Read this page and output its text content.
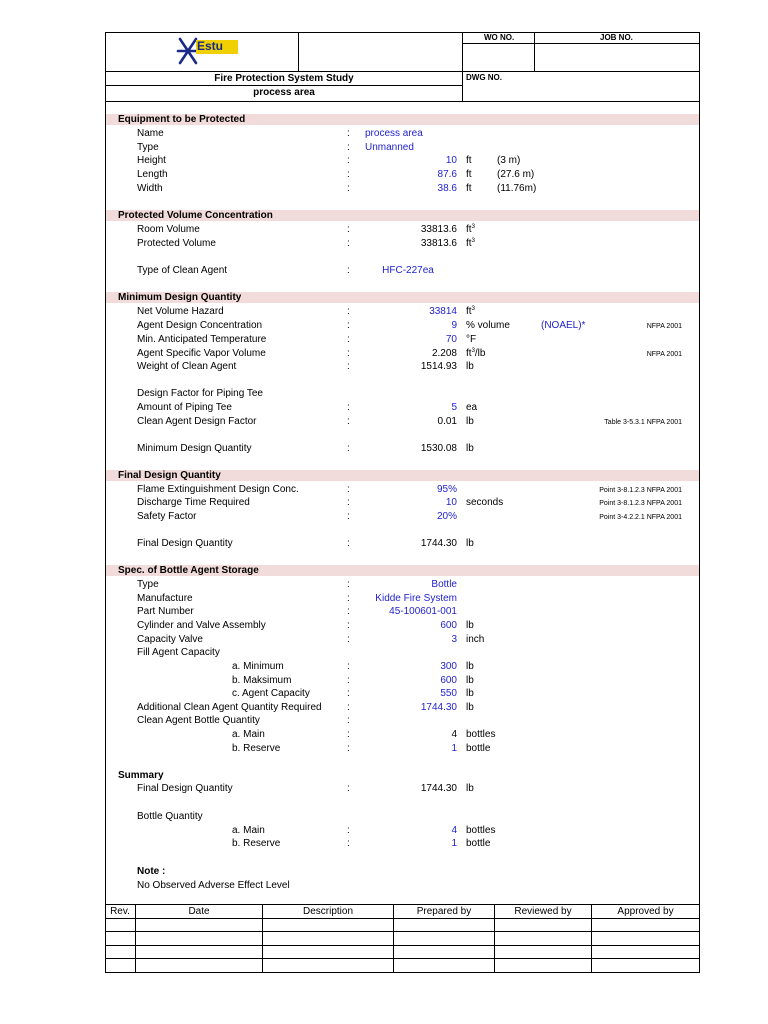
Estu
WO NO.	JOB NO.
DWG NO.
Fire Protection System Study
process area
Equipment to be Protected
Name	: process area
Type	: Unmanned
Height	:	10 ft	(3 m)
Length	:	87.6 ft	(27.6 m)
Width	:	38.6 ft	(11.76m)
Protected Volume Concentration
Room Volume	:	33813.6 $ft^3$
Protected Volume	:	33813.6 $ft^3$
Type of Clean Agent	:	HFC-227ea
Minimum Design Quantity
Net Volume Hazard	:	33814 $ft^3$
Agent Design Concentration	:	9 % volume	(NOAEL)*	NFPA 2001
Min. Anticipated Temperature	:	70 °F
Agent Specific Vapor Volume	:	2.208 $ft^3/lb$	NFPA 2001
Weight of Clean Agent	:	1514.93 lb
Design Factor for Piping Tee
Amount of Piping Tee	:	5 ea
Clean Agent Design Factor	:	0.01 lb	Table 3-5.3.1 NFPA 2001
Minimum Design Quantity	:	1530.08 lb
Final Design Quantity
Flame Extinguishment Design Conc.	:	95%	Point 3-8.1.2.3 NFPA 2001
Discharge Time Required	:	10 seconds	Point 3-8.1.2.3 NFPA 2001
Safety Factor	:	20%	Point 3-4.2.2.1 NFPA 2001
Final Design Quantity	:	1744.30 lb
Spec. of Bottle Agent Storage
Type	:	Bottle
Manufacture	:	Kidde Fire System
Part Number	:	45-100601-001
Cylinder and Valve Assembly	:	600 lb
Capacity Valve	:	3 inch
Fill Agent Capacity
a. Minimum	:	300 lb
b. Maksimum	:	600 lb
c. Agent Capacity	:	550 lb
Additional Clean Agent Quantity Required	:	1744.30 lb
Clean Agent Bottle Quantity	:
a. Main	:	4 bottles
b. Reserve	:	1 bottle
Summary
Final Design Quantity	:	1744.30 lb
Bottle Quantity
a. Main	:	4 bottles
b. Reserve	:	1 bottle
Note :
No Observed Adverse Effect Level
Rev.	Date	Description	Prepared by	Reviewed by	Approved by
